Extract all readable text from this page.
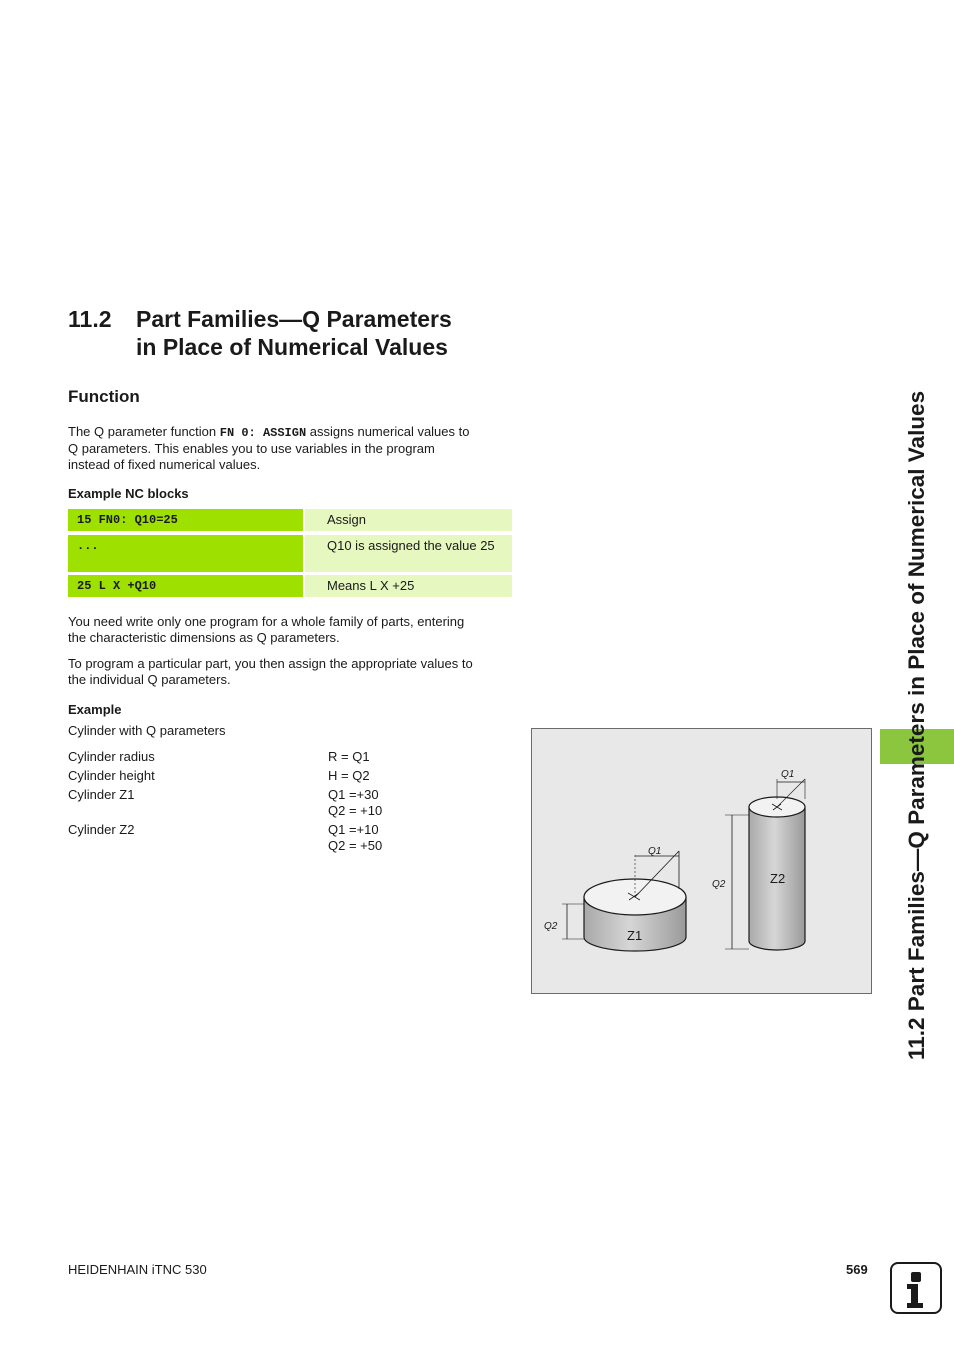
11.2 Part Families—Q Parameters
in Place of Numerical Values
Function
The Q parameter function FN 0: ASSIGN assigns numerical values to
Q parameters. This enables you to use variables in the program
instead of fixed numerical values.
Example NC blocks
15 FN0: Q10=25	Assign
...	Q10 is assigned the value 25
25 L X +Q10	Means L X +25
You need write only one program for a whole family of parts, entering
the characteristic dimensions as Q parameters.
To program a particular part, you then assign the appropriate values to
the individual Q parameters.
Example
Cylinder with Q parameters
Cylinder radius	R = Q1
Cylinder height	H = Q2
Cylinder Z1	Q1 =+30
Q2 = +10
Cylinder Z2	Q1 =+10
Q2 = +50
Z1
Z2
Q1
Q2
Q1
Q2	11.2 Part Families—Q Parameters in Place of Numerical Values
HEIDENHAIN iTNC 530	569
